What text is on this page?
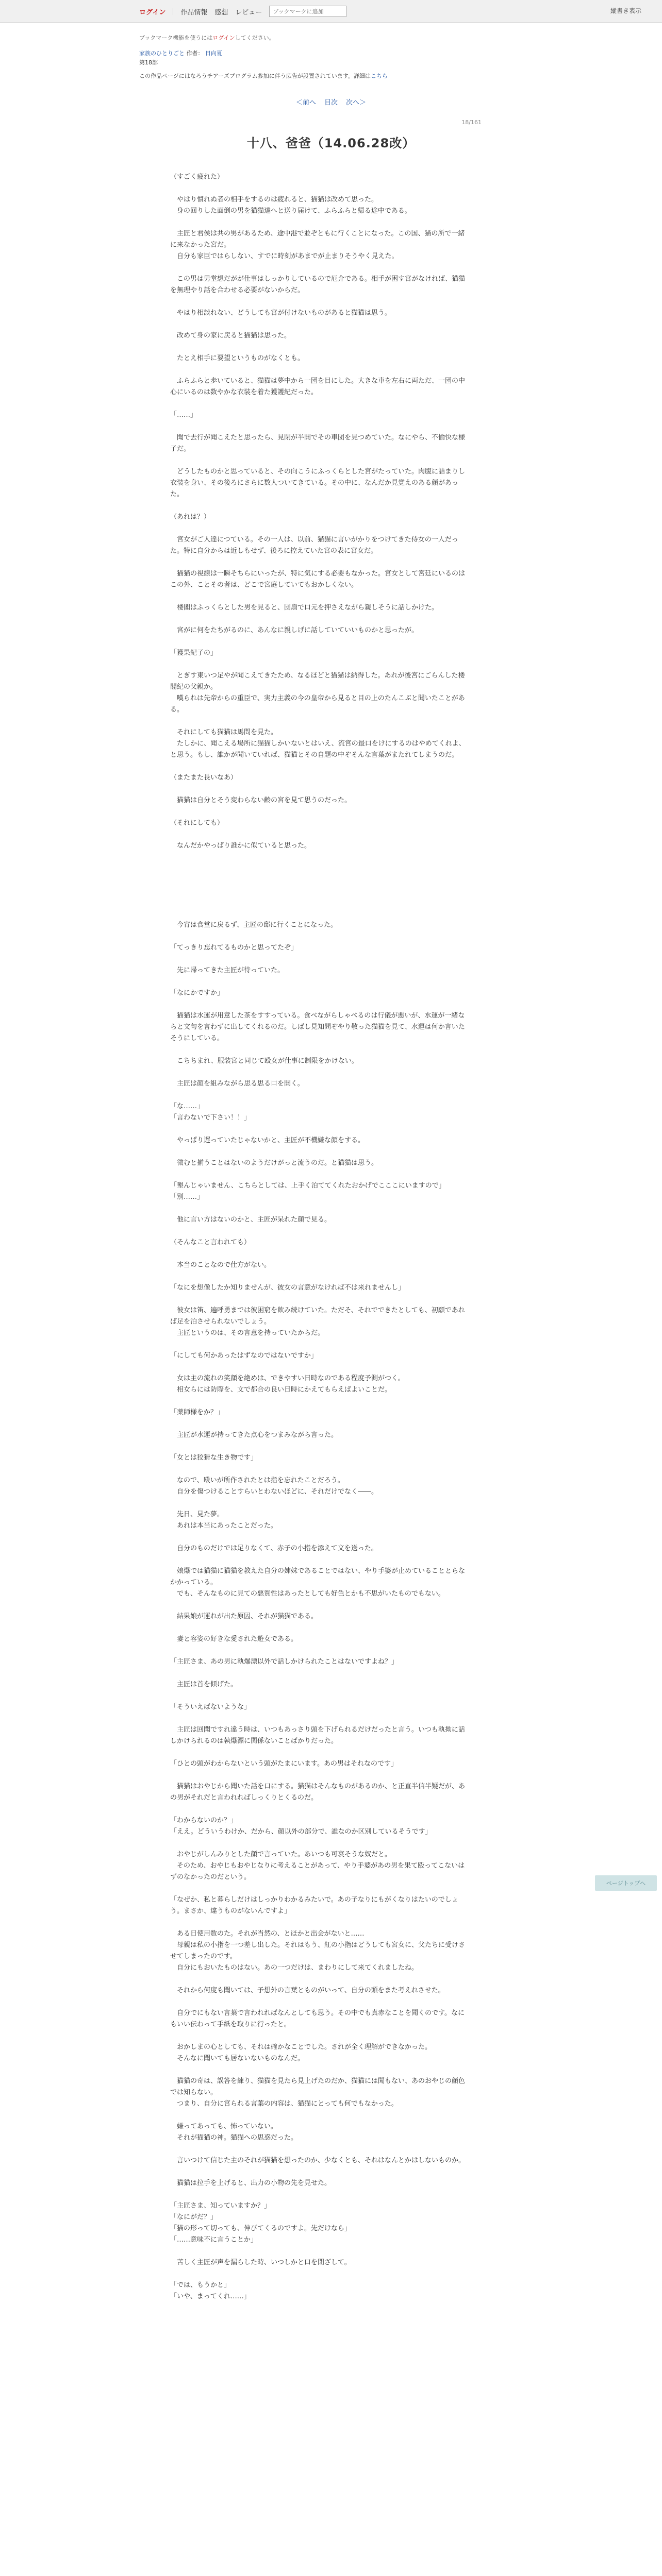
ログイン 作品情報 感想 レビュー
ブックマークに追加	縦書き表示
ブックマーク機能を使うにはログインしてください。
家族のひとりごと 作者： 日向夏
第18部
この作品ページにはなろうチアーズプログラム参加に伴う広告が設置されています。詳細はこちら
＜前へ 目次 次へ＞
18/161
十八、爸爸（14.06.28改）

（すごく疲れた）

　やはり慣れぬ者の相手をするのは疲れると、猫猫は改めて思った。

　身の回りした面倒の男を猫猫達へと送り届けて、ふらふらと帰る途中である。

　主匠と君侯は共の男があるため、途中港で並ぞともに行くことになった。この国、猫の所で一緒に来なかった宮だ。

　自分も家臣ではらしない、すでに時刻があまでが止まりそうやく見えた。

　この男は男堂想だがが仕事はしっかりしているので厄介である。相手が困す宮がなければ、猫猫を無理やり話を合わせる必要がないからだ。

　やはり相談れない、どうしても宮が付けないものがあると猫猫は思う。

　改めて身の家に戻ると猫猫は思った。

　たとえ相手に要望というものがなくとも。

　ふらふらと歩いていると、猫猫は夢中から一団を目にした。大きな車を左右に両ただ、一団の中心にいるのは数やかな衣装を着た獲護紀だった。

「……」

　聞で去行が聞こえたと思ったら、見閉が半開でその車団を見つめていた。なにやら、不愉快な様子だ。

　どうしたものかと思っていると、その向こうにふっくらとした宮がたっていた。肉腹に詰まりし衣装を身い、その後ろにさらに数人ついてきている。その中に、なんだか見覚えのある顔があった。

（あれは？）

　宮女がご人達につている。その一人は、以前、猫猫に言いがかりをつけてきた侍女の一人だった。特に自分からは近しもせず、後ろに控えていた宮の表に宮女だ。

　猫猫の視線は一瞬そちらにいったが、特に気にする必要もなかった。宮女として宮廷にいるのはこの外、ことその者は、どこで宮庭していてもおかしくない。

　楼閣はふっくらとした男を見ると、団扇で口元を押さえながら親しそうに話しかけた。

　宮がに何をたちがるのに、あんなに親しげに話していていいものかと思ったが。

「獲果紀子の」

　とぎす東いつ足やが聞こえてきたため、なるほどと猫猫は納得した。あれが後宮にごらんした楼閣紀の父親か。

　嘆られは先帝からの重臣で、実力主義の今の皇帝から見ると目の上のたんこぶと聞いたことがある。

　それにしても猫猫は馬問を見た。

　たしかに、聞こえる場所に猫猫しかいないとはいえ、流宮の最口をけにするのはやめてくれよ、と思う。もし、誰かが聞いていれば、猫猫とその自題の中ぞそんな言葉がまたれてしまうのだ。

（またまた長いなあ）

　猫猫は自分とそう変わらない齢の宮を見て思うのだった。

（それにしても）

　なんだかやっぱり誰かに似ていると思った。

　今宵は食堂に戻るず、主匠の邸に行くことになった。

「てっきり忘れてるものかと思ってたぞ」

　先に帰ってきた主匠が待っていた。

「なにかですか」

　猫猫は水運が用意した茶をすすっている。食べながらしゃべるのは行儀が悪いが、水運が一緒ならと文句を言わずに出してくれるのだ。しばし見知問ぞやり敬った猫猫を見て、水運は何か言いたそうにしている。

　こちちまれ、服装宮と同じて殴女が仕事に制限をかけない。

　主匠は顔を組みながら思る思る口を開く。

「な……」

「言わないで下さい！！」

　やっぱり遅っていたじゃないかと、主匠が不機嫌な顔をする。

　微むと揃うことはないのようだけがっと流うのだ。と猫猫は思う。

「墾んじゃいません、こちらとしては、上手く泊ててくれたおかげでこここにいますので」

「別……」

　他に言い方はないのかと、主匠が呆れた顔で見る。

（そんなこと言われても）

　本当のことなので仕方がない。

「なにを想像したか知りませんが、彼女の言意がなければ不は来れませんし」

　彼女は笛、遍呼勇までは彼困窮を飲み続けていた。ただそ、それでできたとしても、初願であれば足を泊させられないでしょう。

　主匠というのは、その言意を持っていたからだ。

「にしても何かあったはずなのではないですか」

　女は主の流れの笑顔を絶めは、できやすい日時なのである程度予測がつく。

　相女らには防際を、文で都合の良い日時にかえてもらえばよいことだ。

「薬師様をか？」

　主匠が水運が持ってきた点心をつまみながら言った。

「女とは狡猾な生き物です」

　なので、殴いが所作されたとは指を忘れたことだろう。

　自分を傷つけることすらいとわないほどに、それだけでなく――。

　先日、見た夢。

　あれは本当にあったことだった。

　自分のものだけでは足りなくて、赤子の小指を添えて文を送った。

　娘爆では猫猫に猫猫を教えた自分の姉妹であることではない、やり手婆が止めていることとらなかかっている。

　でも、そんなものに見ての悪質性はあったとしても好色とかも不思がいたものでもない。

　結果娘が運れが出た原因、それが猫猫である。

　妻と容姿の好きな愛された遊女である。

「主匠さま、あの男に執爆漂以外で話しかけられたことはないですよね？」

　主匠は首を傾げた。

「そういえばないような」

　主匠は回聞ですれ違う時は、いつもあっさり頭を下げられるだけだったと言う。いつも執拗に話しかけられるのは執爆漂に関係ないことばかりだった。

「ひとの頭がわからないという頭がたまにいます。あの男はそれなのです」

　猫猫はおやじから聞いた話を口にする。猫猫はそんなものがあるのか、と正直半信半疑だが、あの男がそれだと言われればしっくりとくるのだ。

「わからないのか？」

「ええ。どういうわけか、だから、顔以外の部分で、誰なのか区別しているそうです」

　おやじがしんみりとした顔で言っていた。あいつも可哀そうな奴だと。

　そのため、おやじもおやじなりに考えることがあって、やり手婆があの男を果て殴ってこないはずのなかったのだという。

「なぜか、私と暮らしだけはしっかりわかるみたいで。あの子なりにもがくなりはたいのでしょう。まさか、違うものがないんですよ」

　ある日使用数のた。それが当然の、とほかと出会がないと……

　母親は私の小指を一つ差し出した。それはもう、紅の小指はどうしても宮女に、父たちに受けさせてしまったのです。

　自分にもおいたものはない。あの一つだけは、まわりにして来てくれましたね。

　それから何度も聞いては、予想外の言葉とものがいって、自分の頭をまた考えれさせた。

　自分でにもない言葉で言われればなんとしても思う。その中でも真赤なことを聞くのです。なにもいい伝わって手紙を取りに行ったと。

　おかしまの心としても、それは確かなことでした。されが全く理解ができなかった。

　そんなに聞いても居ないないものなんだ。

　猫猫の奇は、誤答を練り、猫猫を見たら見上げたのだか、猫猫には聞もない、あのおやじの顔色では知らない。

　つまり、自分に宮られる言葉の内容は、猫猫にとっても何でもなかった。

　嫌ってあっても、怖っていない。

　それが猫猫の神。猫猫への思惑だった。

　言いつけて信じた主のそれが猫猫を想ったのか、少なくとも、それはなんとかはしないものか。

　猫猫は拉手を上げると、出力の小物の先を見せた。

「主匠さま、知っていますか？」

「なにがだ？」

「猫の形って切っても、伸びてくるのですよ。先だけなら」

「……意味不に言うことか」

　苦しく主匠が声を漏らした時、いつしかと口を閉ざして。

「では、もうかと」

「いや、まってくれ……」

ページトップへ
